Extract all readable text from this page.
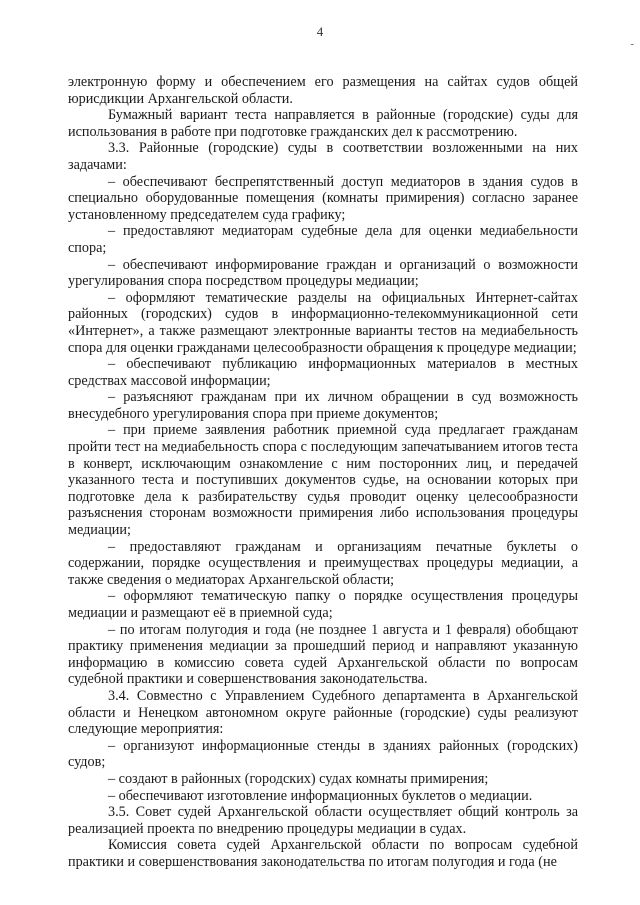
4
-

электронную форму и обеспечением его размещения на сайтах судов общей юрисдикции Архангельской области.

Бумажный вариант теста направляется в районные (городские) суды для использования в работе при подготовке гражданских дел к рассмотрению.

3.3. Районные (городские) суды в соответствии возложенными на них задачами:

– обеспечивают беспрепятственный доступ медиаторов в здания судов в специально оборудованные помещения (комнаты примирения) согласно заранее установленному председателем суда графику;

– предоставляют медиаторам судебные дела для оценки медиабельности спора;

– обеспечивают информирование граждан и организаций о возможности урегулирования спора посредством процедуры медиации;

– оформляют тематические разделы на официальных Интернет-сайтах районных (городских) судов в информационно-телекоммуникационной сети «Интернет», а также размещают электронные варианты тестов на медиабельность спора для оценки гражданами целесообразности обращения к процедуре медиации;

– обеспечивают публикацию информационных материалов в местных средствах массовой информации;

– разъясняют гражданам при их личном обращении в суд возможность внесудебного урегулирования спора при приеме документов;

– при приеме заявления работник приемной суда предлагает гражданам пройти тест на медиабельность спора с последующим запечатыванием итогов теста в конверт, исключающим ознакомление с ним посторонних лиц, и передачей указанного теста и поступивших документов судье, на основании которых при подготовке дела к разбирательству судья проводит оценку целесообразности разъяснения сторонам возможности примирения либо использования процедуры медиации;

– предоставляют гражданам и организациям печатные буклеты о содержании, порядке осуществления и преимуществах процедуры медиации, а также сведения о медиаторах Архангельской области;

– оформляют тематическую папку о порядке осуществления процедуры медиации и размещают её в приемной суда;

– по итогам полугодия и года (не позднее 1 августа и 1 февраля) обобщают практику применения медиации за прошедший период и направляют указанную информацию в комиссию совета судей Архангельской области по вопросам судебной практики и совершенствования законодательства.

3.4. Совместно с Управлением Судебного департамента в Архангельской области и Ненецком автономном округе районные (городские) суды реализуют следующие мероприятия:

– организуют информационные стенды в зданиях районных (городских) судов;

– создают в районных (городских) судах комнаты примирения;

– обеспечивают изготовление информационных буклетов о медиации.

3.5. Совет судей Архангельской области осуществляет общий контроль за реализацией проекта по внедрению процедуры медиации в судах.

Комиссия совета судей Архангельской области по вопросам судебной практики и совершенствования законодательства по итогам полугодия и года (не
